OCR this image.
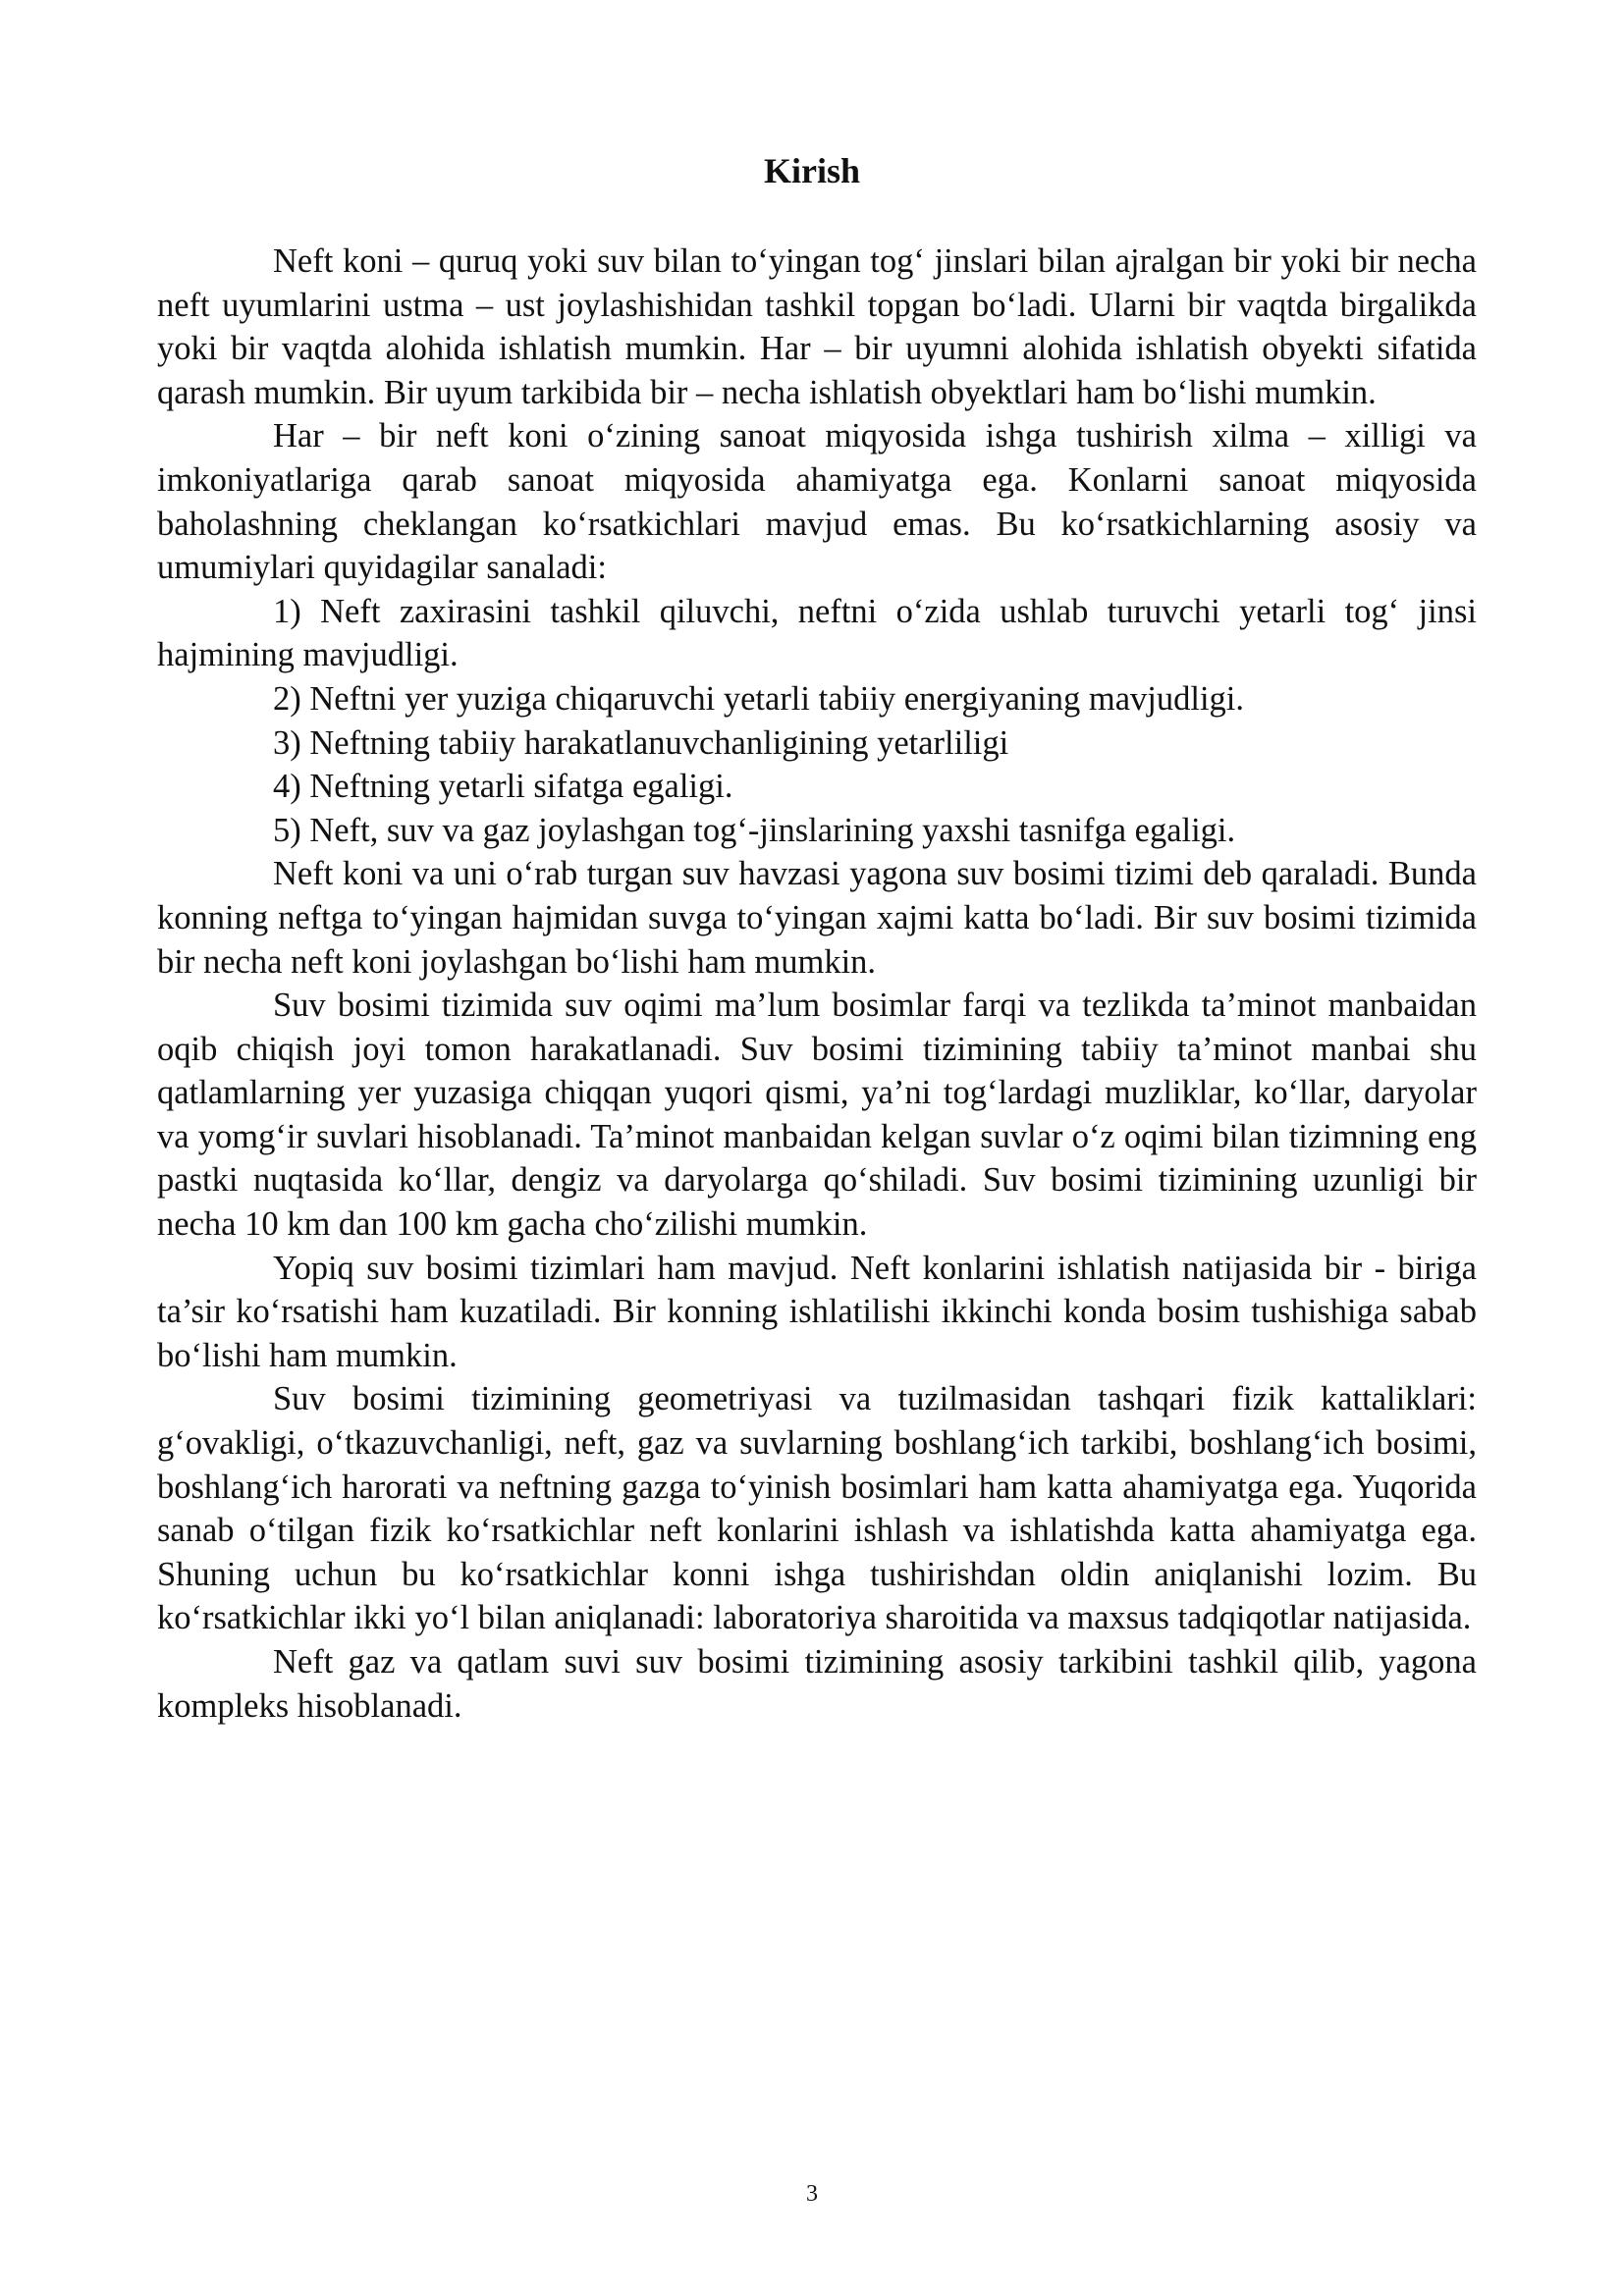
Kirish

Neft koni – quruq yoki suv bilan to‘yingan tog‘ jinslari bilan ajralgan bir yoki bir necha neft uyumlarini ustma – ust joylashishidan tashkil topgan bo‘ladi. Ularni bir vaqtda birgalikda yoki bir vaqtda alohida ishlatish mumkin. Har – bir uyumni alohida ishlatish obyekti sifatida qarash mumkin. Bir uyum tarkibida bir – necha ishlatish obyektlari ham bo‘lishi mumkin.

Har – bir neft koni o‘zining sanoat miqyosida ishga tushirish xilma – xilligi va imkoniyatlariga qarab sanoat miqyosida ahamiyatga ega. Konlarni sanoat miqyosida baholashning cheklangan ko‘rsatkichlari mavjud emas. Bu ko‘rsatkichlarning asosiy va umumiylari quyidagilar sanaladi:

1) Neft zaxirasini tashkil qiluvchi, neftni o‘zida ushlab turuvchi yetarli tog‘ jinsi hajmining mavjudligi.

2) Neftni yer yuziga chiqaruvchi yetarli tabiiy energiyaning mavjudligi.

3) Neftning tabiiy harakatlanuvchanligining yetarliligi

4) Neftning yetarli sifatga egaligi.

5) Neft, suv va gaz joylashgan tog‘-jinslarining yaxshi tasnifga egaligi.

Neft koni va uni o‘rab turgan suv havzasi yagona suv bosimi tizimi deb qaraladi. Bunda konning neftga to‘yingan hajmidan suvga to‘yingan xajmi katta bo‘ladi. Bir suv bosimi tizimida bir necha neft koni joylashgan bo‘lishi ham mumkin.

Suv bosimi tizimida suv oqimi ma’lum bosimlar farqi va tezlikda ta’minot manbaidan oqib chiqish joyi tomon harakatlanadi. Suv bosimi tizimining tabiiy ta’minot manbai shu qatlamlarning yer yuzasiga chiqqan yuqori qismi, ya’ni tog‘lardagi muzliklar, ko‘llar, daryolar va yomg‘ir suvlari hisoblanadi. Ta’minot manbaidan kelgan suvlar o‘z oqimi bilan tizimning eng pastki nuqtasida ko‘llar, dengiz va daryolarga qo‘shiladi. Suv bosimi tizimining uzunligi bir necha 10 km dan 100 km gacha cho‘zilishi mumkin.

Yopiq suv bosimi tizimlari ham mavjud. Neft konlarini ishlatish natijasida bir - biriga ta’sir ko‘rsatishi ham kuzatiladi. Bir konning ishlatilishi ikkinchi konda bosim tushishiga sabab bo‘lishi ham mumkin.

Suv bosimi tizimining geometriyasi va tuzilmasidan tashqari fizik kattaliklari: g‘ovakligi, o‘tkazuvchanligi, neft, gaz va suvlarning boshlang‘ich tarkibi, boshlang‘ich bosimi, boshlang‘ich harorati va neftning gazga to‘yinish bosimlari ham katta ahamiyatga ega. Yuqorida sanab o‘tilgan fizik ko‘rsatkichlar neft konlarini ishlash va ishlatishda katta ahamiyatga ega. Shuning uchun bu ko‘rsatkichlar konni ishga tushirishdan oldin aniqlanishi lozim. Bu ko‘rsatkichlar ikki yo‘l bilan aniqlanadi: laboratoriya sharoitida va maxsus tadqiqotlar natijasida.

Neft gaz va qatlam suvi suv bosimi tizimining asosiy tarkibini tashkil qilib, yagona kompleks hisoblanadi.

3
